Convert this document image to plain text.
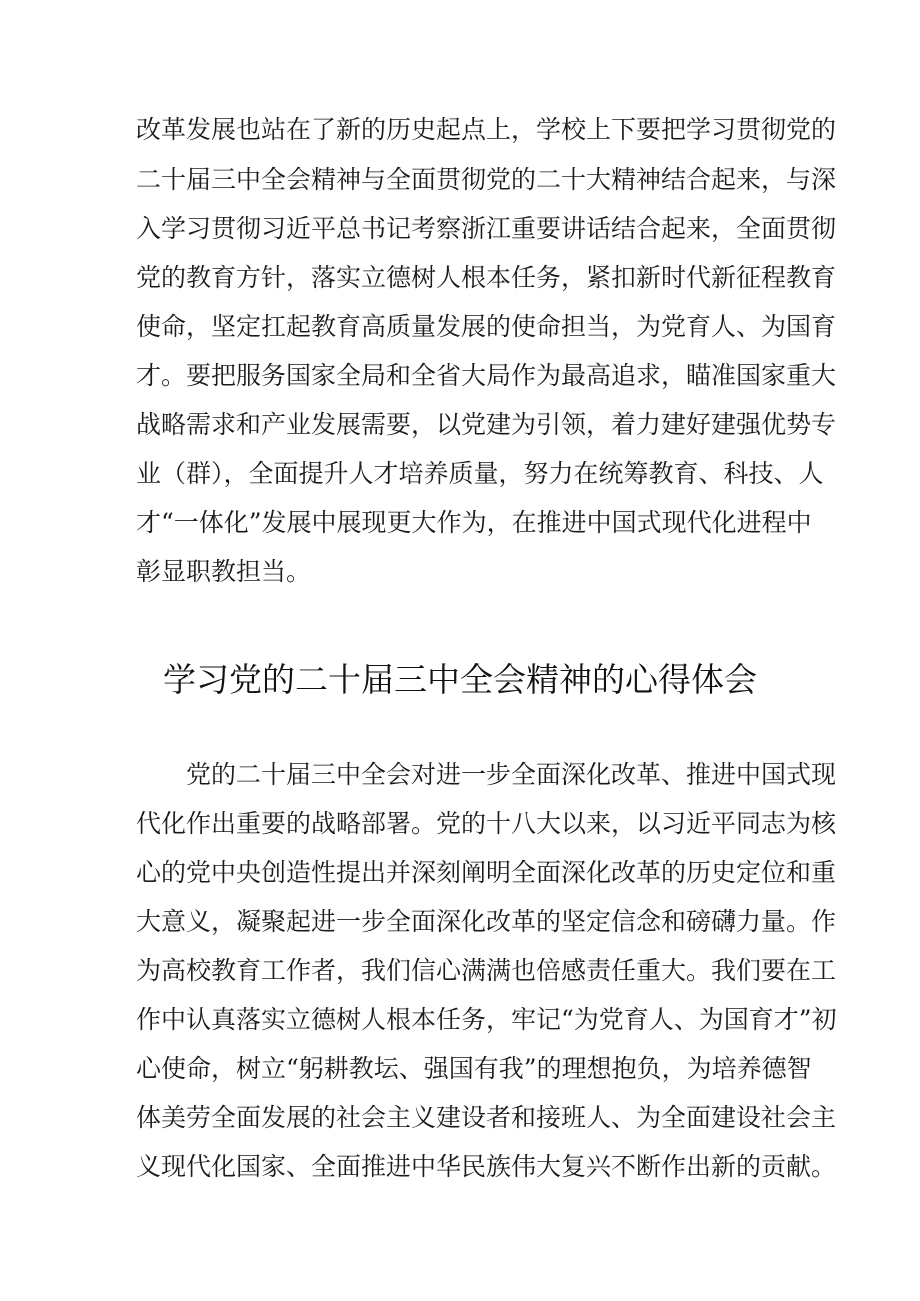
改革发展也站在了新的历史起点上，学校上下要把学习贯彻党的
二十届三中全会精神与全面贯彻党的二十大精神结合起来，与深
入学习贯彻习近平总书记考察浙江重要讲话结合起来，全面贯彻
党的教育方针，落实立德树人根本任务，紧扣新时代新征程教育
使命，坚定扛起教育高质量发展的使命担当，为党育人、为国育
才。要把服务国家全局和全省大局作为最高追求，瞄准国家重大
战略需求和产业发展需要，以党建为引领，着力建好建强优势专
业（群），全面提升人才培养质量，努力在统筹教育、科技、人
才“一体化”发展中展现更大作为，在推进中国式现代化进程中
彰显职教担当。
学习党的二十届三中全会精神的心得体会
党的二十届三中全会对进一步全面深化改革、推进中国式现
代化作出重要的战略部署。党的十八大以来，以习近平同志为核
心的党中央创造性提出并深刻阐明全面深化改革的历史定位和重
大意义，凝聚起进一步全面深化改革的坚定信念和磅礴力量。作
为高校教育工作者，我们信心满满也倍感责任重大。我们要在工
作中认真落实立德树人根本任务，牢记“为党育人、为国育才”初
心使命，树立“躬耕教坛、强国有我”的理想抱负，为培养德智
体美劳全面发展的社会主义建设者和接班人、为全面建设社会主
义现代化国家、全面推进中华民族伟大复兴不断作出新的贡献。
